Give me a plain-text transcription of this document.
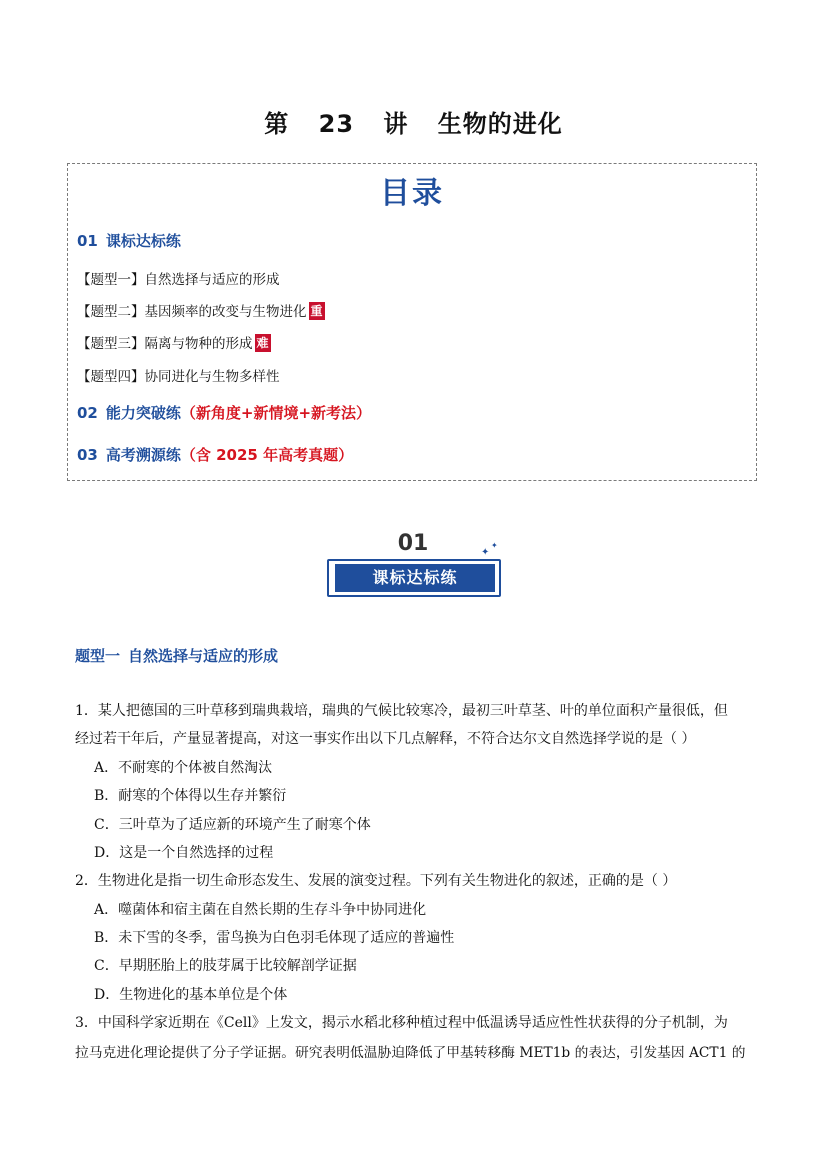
第 23 讲 生物的进化
目录
01 课标达标练
【题型一】自然选择与适应的形成
【题型二】基因频率的改变与生物进化 重
【题型三】隔离与物种的形成 难
【题型四】协同进化与生物多样性
02 能力突破练（新角度+新情境+新考法）
03 高考溯源练（含 2025 年高考真题）
01
课标达标练
✦
✦
题型一 自然选择与适应的形成
1．某人把德国的三叶草移到瑞典栽培，瑞典的气候比较寒冷，最初三叶草茎、叶的单位面积产量很低，但
经过若干年后，产量显著提高，对这一事实作出以下几点解释，不符合达尔文自然选择学说的是（ ）
A．不耐寒的个体被自然淘汰
B．耐寒的个体得以生存并繁衍
C．三叶草为了适应新的环境产生了耐寒个体
D．这是一个自然选择的过程
2．生物进化是指一切生命形态发生、发展的演变过程。下列有关生物进化的叙述，正确的是（ ）
A．噬菌体和宿主菌在自然长期的生存斗争中协同进化
B．未下雪的冬季，雷鸟换为白色羽毛体现了适应的普遍性
C．早期胚胎上的肢芽属于比较解剖学证据
D．生物进化的基本单位是个体
3．中国科学家近期在《Cell》上发文，揭示水稻北移种植过程中低温诱导适应性性状获得的分子机制，为
拉马克进化理论提供了分子学证据。研究表明低温胁迫降低了甲基转移酶 MET1b 的表达，引发基因 ACT1 的
